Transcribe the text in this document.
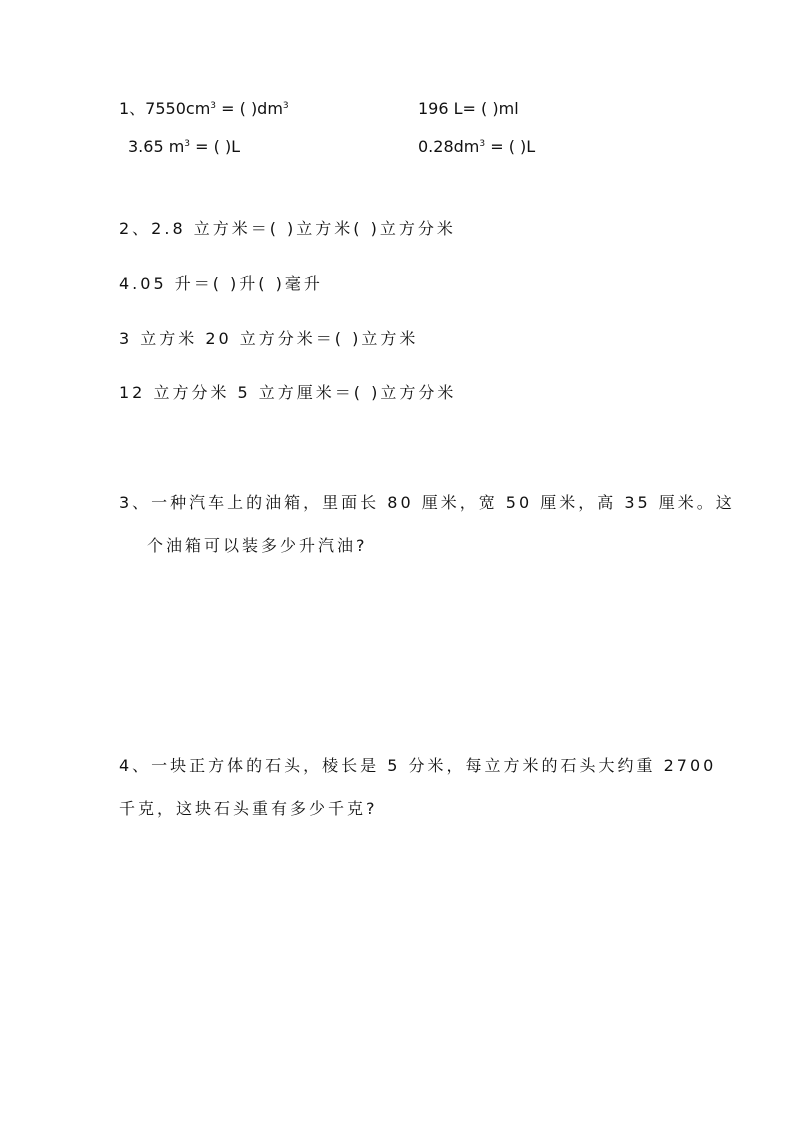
1、$7550cm^3$ = ( )$dm^3$	196 L= ( )ml
3.65 $m^3$ = ( )L	$0.28dm^3$ = ( )L
2、2.8 立方米＝( )立方米( )立方分米
4.05 升＝( )升( )毫升
3 立方米 20 立方分米＝( )立方米
12 立方分米 5 立方厘米＝( )立方分米
3、一种汽车上的油箱，里面长 80 厘米，宽 50 厘米，高 35 厘米。这
个油箱可以装多少升汽油?
4、一块正方体的石头，棱长是 5 分米，每立方米的石头大约重 2700
千克，这块石头重有多少千克?
